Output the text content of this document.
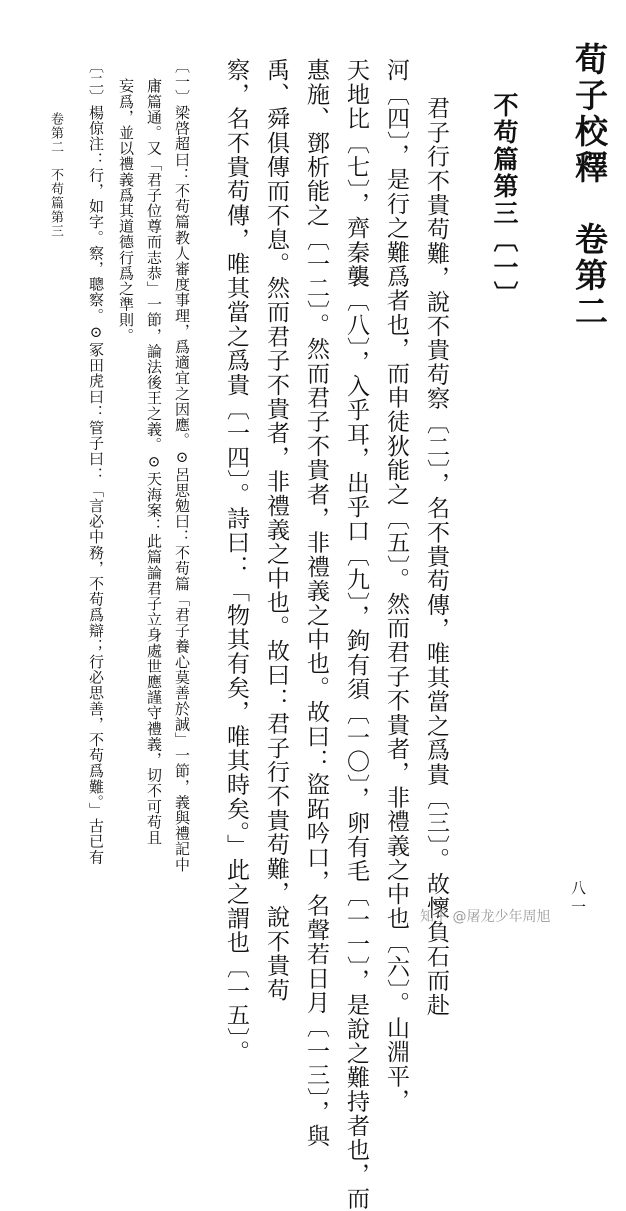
荀子校釋　卷第二
不苟篇第三〔一〕
君子行不貴苟難，說不貴苟察〔二〕，名不貴苟傳，唯其當之爲貴〔三〕。故懷負石而赴
河〔四〕，是行之難爲者也，而申徒狄能之〔五〕。然而君子不貴者，非禮義之中也〔六〕。山淵平，
天地比〔七〕，齊秦襲〔八〕，入乎耳，出乎口〔九〕，鉤有須〔一〇〕，卵有毛〔一一〕，是說之難持者也，而
惠施、鄧析能之〔一二〕。然而君子不貴者，非禮義之中也。故曰：盜跖吟口，名聲若日月〔一三〕，與
禹、舜俱傳而不息。然而君子不貴者，非禮義之中也。故曰：君子行不貴苟難，說不貴苟
察，名不貴苟傳，唯其當之爲貴〔一四〕。詩曰：「物其有矣，唯其時矣。」此之謂也〔一五〕。
〔一〕梁啓超曰：不苟篇教人審度事理，爲適宜之因應。⊙呂思勉曰：不苟篇「君子養心莫善於誠」一節，義與禮記中
庸篇通。又「君子位尊而志恭」一節，論法後王之義。⊙天海案：此篇論君子立身處世應謹守禮義，切不可苟且
妄爲，並以禮義爲其道德行爲之準則。
〔二〕楊倞注：行，如字。察，聰察。⊙冢田虎曰：管子曰：「言必中務，不苟爲辯；行必思善，不苟爲難。」古已有
卷第二　不苟篇第三
八一
知乎 @屠龙少年周旭
